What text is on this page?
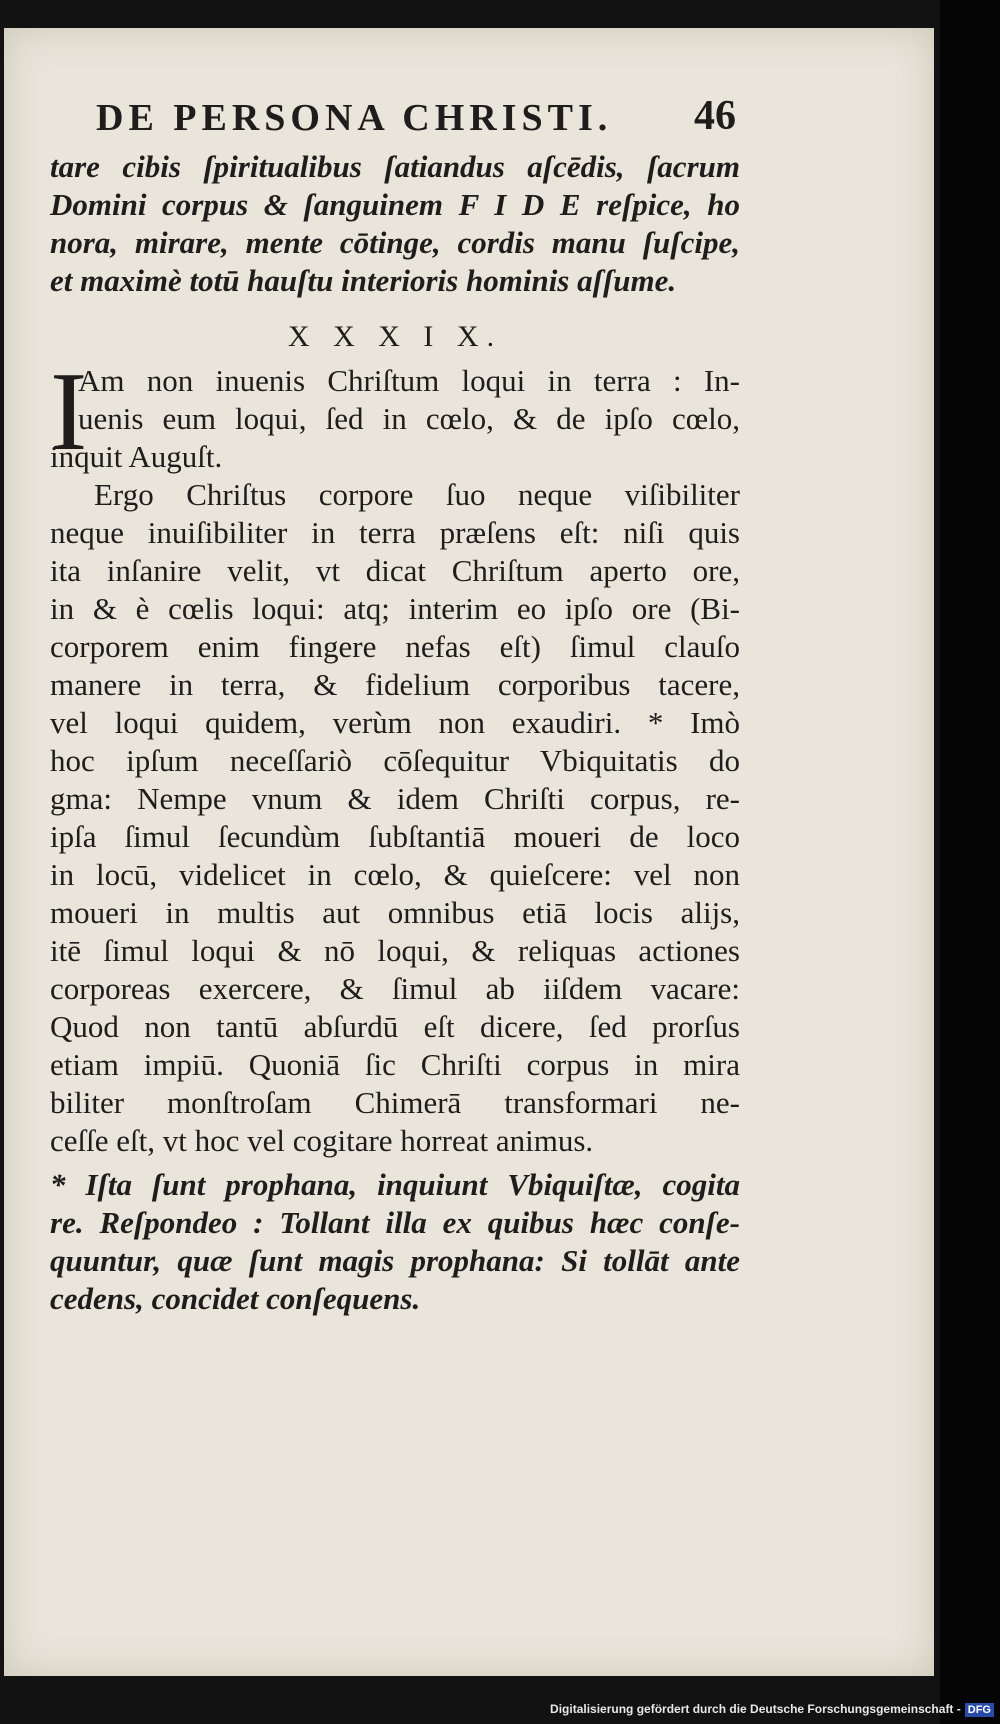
DE PERSONA CHRISTI. 46
tare cibis ſpiritualibus ſatiandus aſcēdis, ſacrum
Domini corpus & ſanguinem F I D E reſpice, ho
nora, mirare, mente cōtinge, cordis manu ſuſcipe,
et maximè totū hauſtu interioris hominis aſſume.
X X X I X.
I
Am non inuenis Chriſtum loqui in terra : In-
uenis eum loqui, ſed in cœlo, & de ipſo cœlo,
inquit Auguſt.
Ergo Chriſtus corpore ſuo neque viſibiliter
neque inuiſibiliter in terra præſens eſt: niſi quis
ita inſanire velit, vt dicat Chriſtum aperto ore,
in & è cœlis loqui: atq; interim eo ipſo ore (Bi-
corporem enim fingere nefas eſt) ſimul clauſo
manere in terra, & fidelium corporibus tacere,
vel loqui quidem, verùm non exaudiri. * Imò
hoc ipſum neceſſariò cōſequitur Vbiquitatis do
gma: Nempe vnum & idem Chriſti corpus, re-
ipſa ſimul ſecundùm ſubſtantiā moueri de loco
in locū, videlicet in cœlo, & quieſcere: vel non
moueri in multis aut omnibus etiā locis alijs,
itē ſimul loqui & nō loqui, & reliquas actiones
corporeas exercere, & ſimul ab iiſdem vacare:
Quod non tantū abſurdū eſt dicere, ſed prorſus
etiam impiū. Quoniā ſic Chriſti corpus in mira
biliter monſtroſam Chimerā transformari ne-
ceſſe eſt, vt hoc vel cogitare horreat animus.
* Iſta ſunt prophana, inquiunt Vbiquiſtæ, cogita
re. Reſpondeo : Tollant illa ex quibus hæc conſe-
quuntur, quæ ſunt magis prophana: Si tollāt ante
cedens, concidet conſequens.
Digitalisierung gefördert durch die Deutsche Forschungsgemeinschaft - DFG
